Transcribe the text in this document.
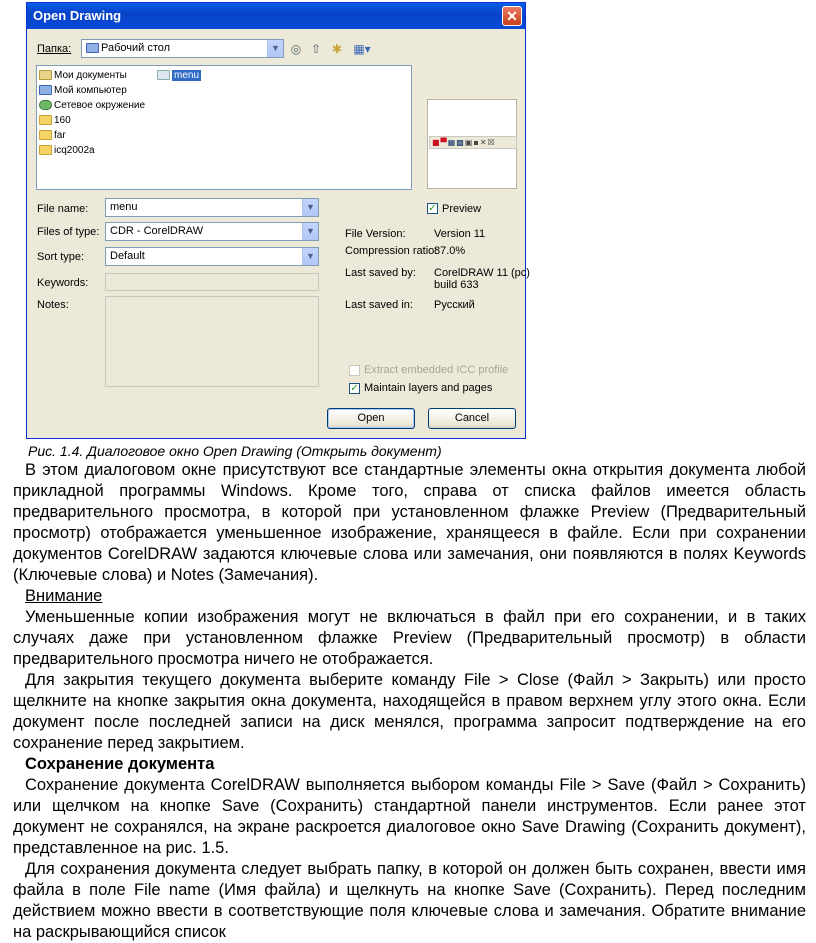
Open Drawing	✕
Папка:	Рабочий стол	▼ ◎ ⇧ ✱ ▦▾
Мои документы
Мой компьютер
Сетевое окружение
160
far
icq2002a
menu
■▀▦▩▣▪✕☒
File name:	menu	▼
Files of type: CDR - CorelDRAW	▼
Sort type:	Default	▼
Keywords:
Notes:
✓ Preview
File Version:	Version 11
Compression ratio:
87.0%
Last saved by: CorelDRAW 11 (pc)
build 633
Last saved in: Русский
Extract embedded ICC profile
✓ Maintain layers and pages
Open	Cancel
Рис. 1.4. Диалоговое окно Open Drawing (Открыть документ)

В этом диалоговом окне присутствуют все стандартные элементы окна открытия документа любой прикладной программы Windows. Кроме того, справа от списка файлов имеется область предварительного просмотра, в которой при установленном флажке Preview (Предварительный просмотр) отображается уменьшенное изображение, хранящееся в файле. Если при сохранении документов CorelDRAW задаются ключевые слова или замечания, они появляются в полях Keywords (Ключевые слова) и Notes (Замечания).

Внимание

Уменьшенные копии изображения могут не включаться в файл при его сохранении, и в таких случаях даже при установленном флажке Preview (Предварительный просмотр) в области предварительного просмотра ничего не отображается.

Для закрытия текущего документа выберите команду File > Close (Файл > Закрыть) или просто щелкните на кнопке закрытия окна документа, находящейся в правом верхнем углу этого окна. Если документ после последней записи на диск менялся, программа запросит подтверждение на его сохранение перед закрытием.

Сохранение документа

Сохранение документа CorelDRAW выполняется выбором команды File > Save (Файл > Сохранить) или щелчком на кнопке Save (Сохранить) стандартной панели инструментов. Если ранее этот документ не сохранялся, на экране раскроется диалоговое окно Save Drawing (Сохранить документ), представленное на рис. 1.5.

Для сохранения документа следует выбрать папку, в которой он должен быть сохранен, ввести имя файла в поле File name (Имя файла) и щелкнуть на кнопке Save (Сохранить). Перед последним действием можно ввести в соответствующие поля ключевые слова и замечания. Обратите внимание на раскрывающийся список
